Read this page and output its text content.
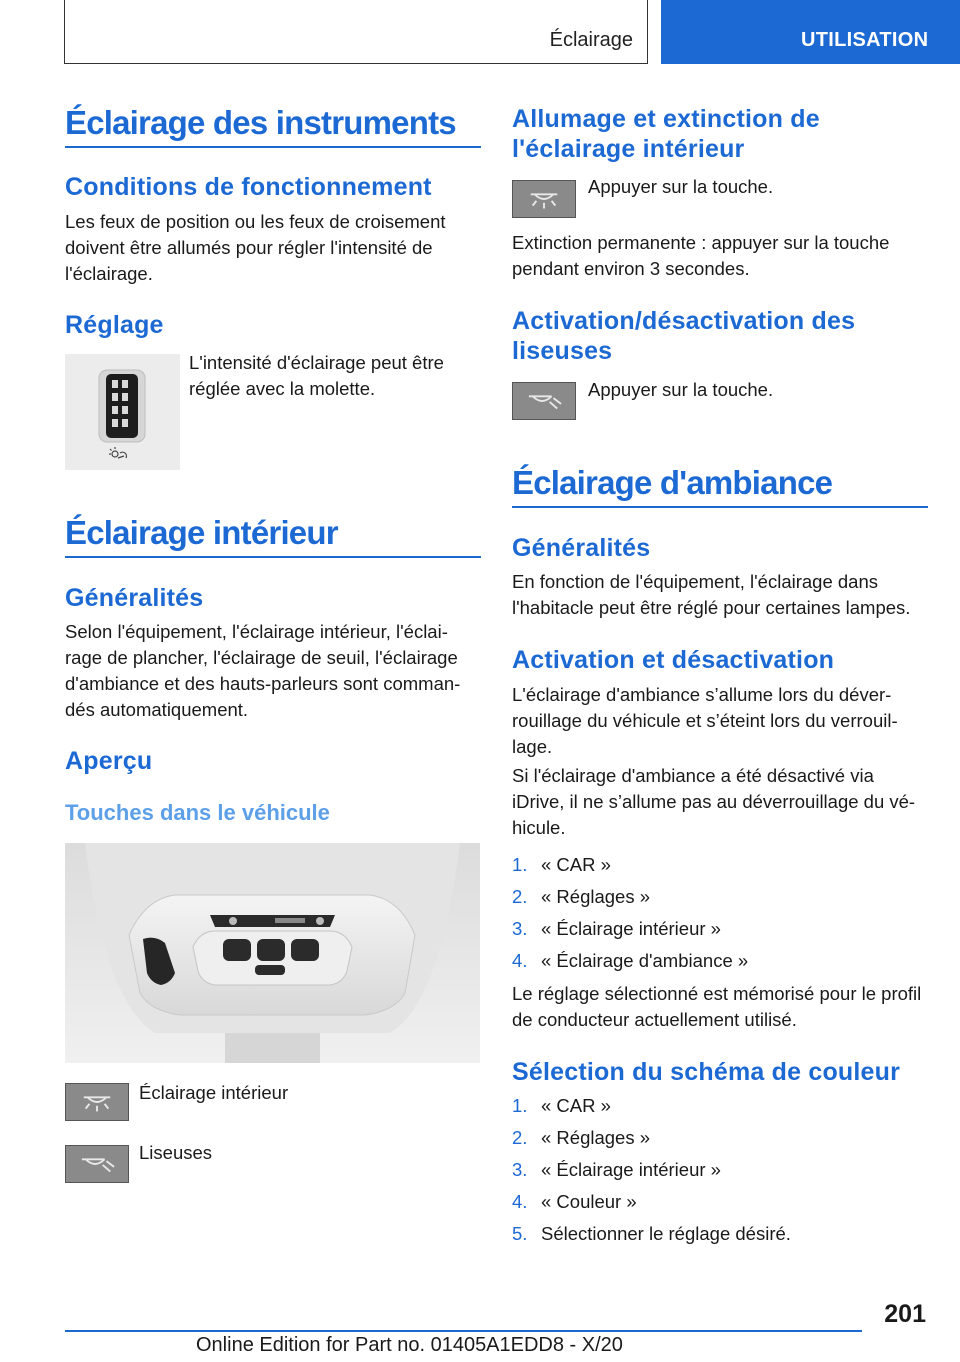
Éclairage	UTILISATION
Éclairage des instruments
Conditions de fonctionnement

Les feux de position ou les feux de croisement doivent être allumés pour régler l'intensité de l'éclairage.

Réglage

L'intensité d'éclairage peut être réglée avec la molette.

Éclairage intérieur
Généralités

Selon l'équipement, l'éclairage intérieur, l'éclai-rage de plancher, l'éclairage de seuil, l'éclairage d'ambiance et des hauts-parleurs sont comman-dés automatiquement.

Aperçu
Touches dans le véhicule

Éclairage intérieur

Liseuses

Allumage et extinction de l'éclairage intérieur

Appuyer sur la touche.

Extinction permanente : appuyer sur la touche pendant environ 3 secondes.

Activation/désactivation des liseuses

Appuyer sur la touche.

Éclairage d'ambiance
Généralités

En fonction de l'équipement, l'éclairage dans l'habitacle peut être réglé pour certaines lampes.

Activation et désactivation

L'éclairage d'ambiance s’allume lors du déver-rouillage du véhicule et s’éteint lors du verrouil-lage.

Si l'éclairage d'ambiance a été désactivé via iDrive, il ne s’allume pas au déverrouillage du vé-hicule.

1. « CAR »
2. « Réglages »
3. « Éclairage intérieur »
4. « Éclairage d'ambiance »

Le réglage sélectionné est mémorisé pour le profil de conducteur actuellement utilisé.

Sélection du schéma de couleur
1. « CAR »
2. « Réglages »
3. « Éclairage intérieur »
4. « Couleur »
5. Sélectionner le réglage désiré.
201
Online Edition for Part no. 01405A1EDD8 - X/20
